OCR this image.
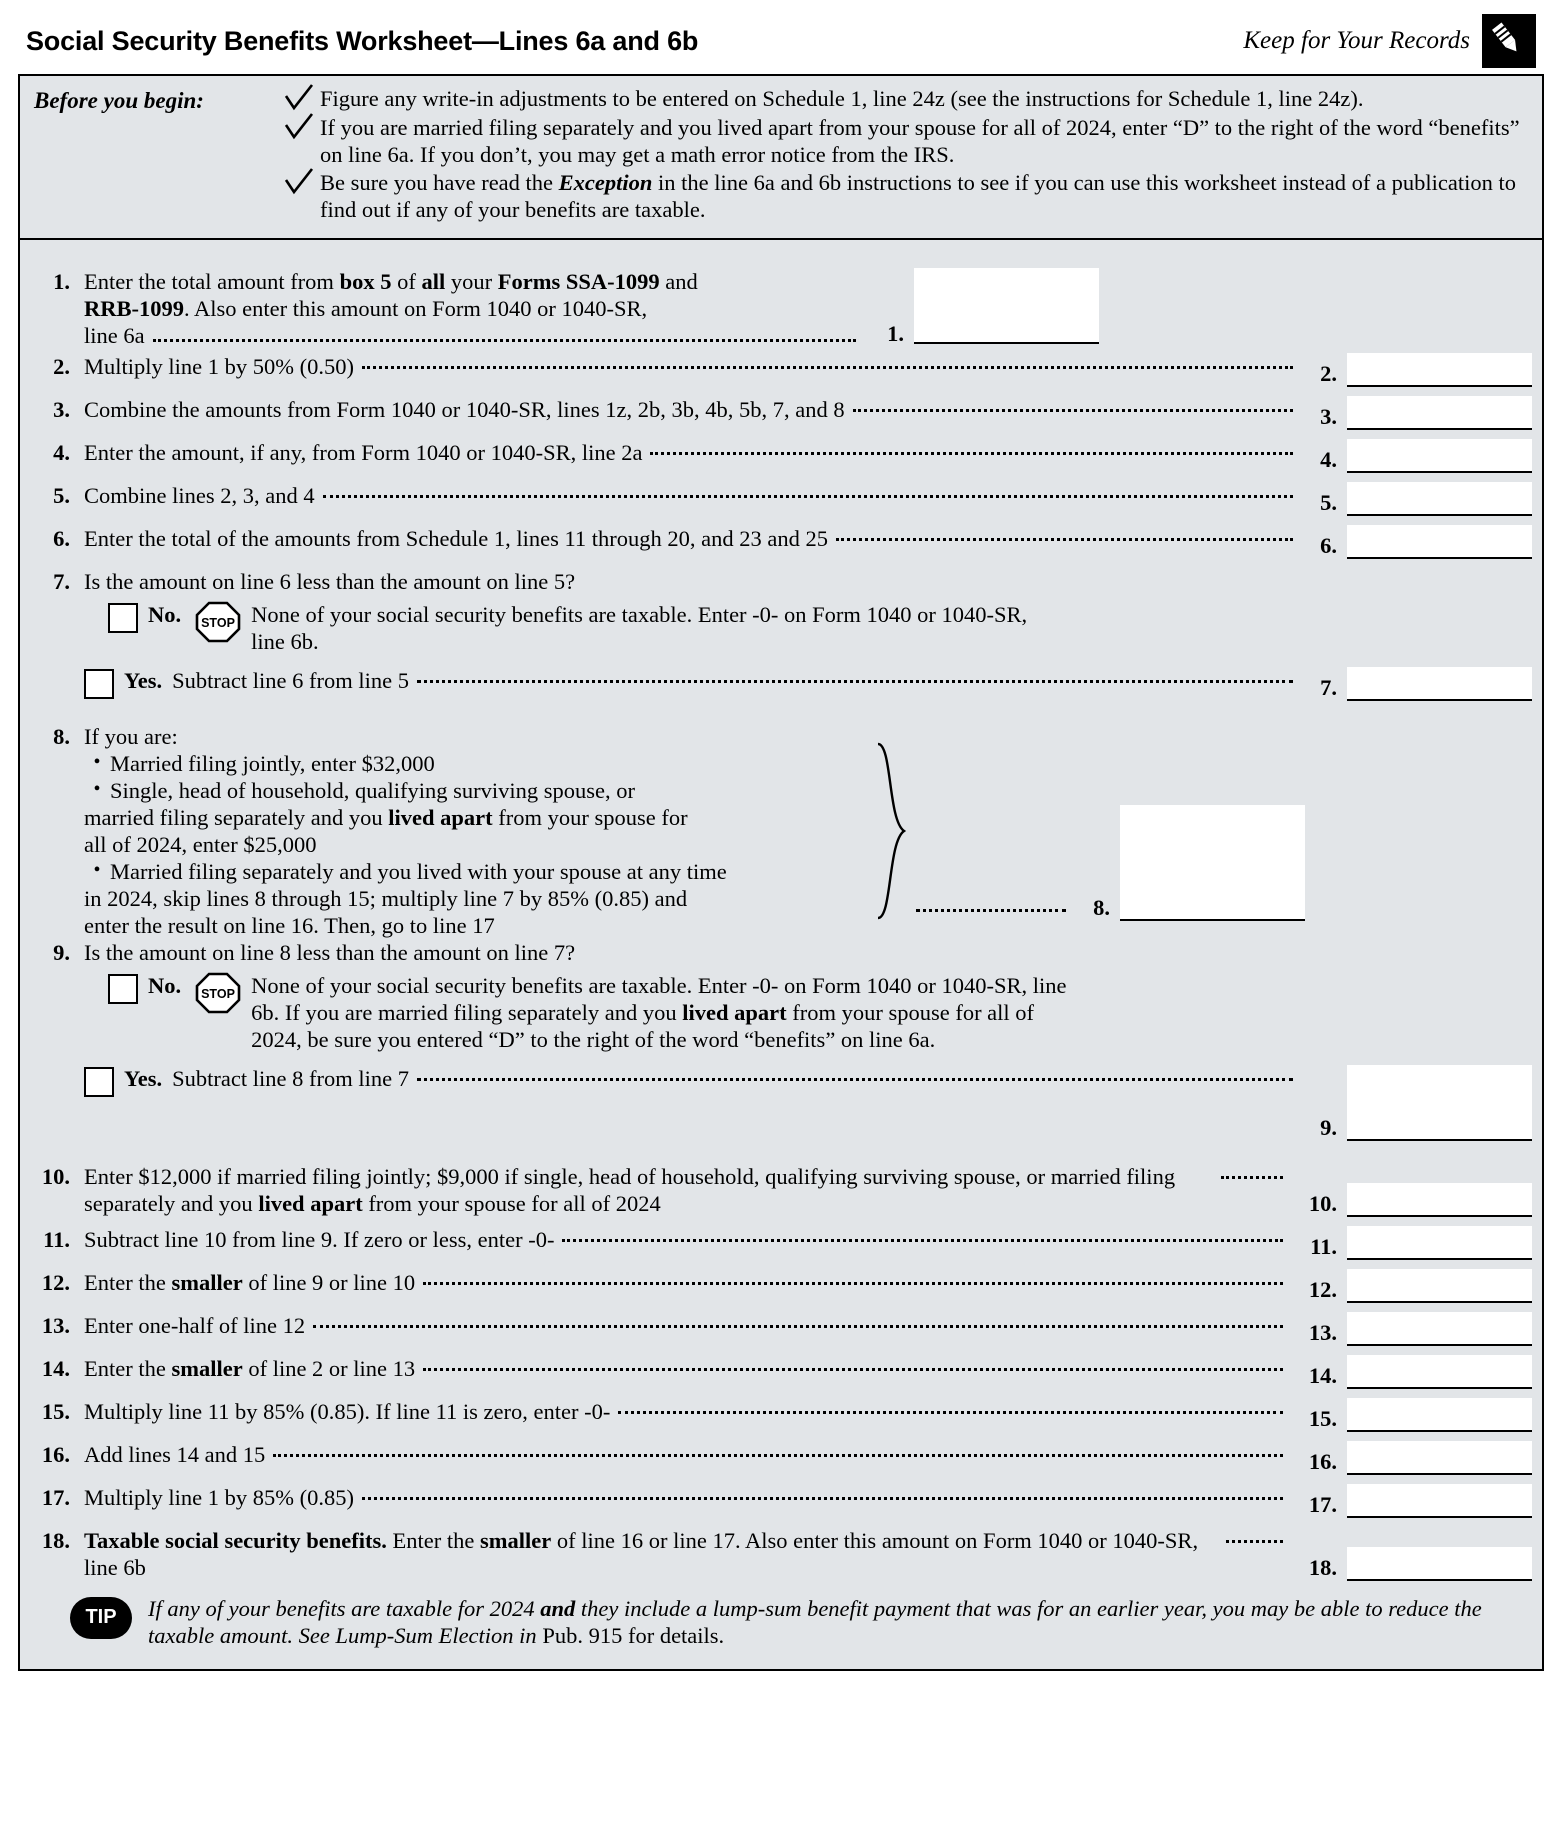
Social Security Benefits Worksheet—Lines 6a and 6b	Keep for Your Records
Before you begin:	Figure any write-in adjustments to be entered on Schedule 1, line 24z (see the instructions for Schedule 1, line 24z).
If you are married filing separately and you lived apart from your spouse for all of 2024, enter “D” to the right of the word “benefits” on line 6a. If you don’t, you may get a math error notice from the IRS.
Be sure you have read the Exception in the line 6a and 6b instructions to see if you can use this worksheet instead of a publication to find out if any of your benefits are taxable.
1. Enter the total amount from box 5 of all your Forms SSA-1099 and
RRB-1099. Also enter this amount on Form 1040 or 1040-SR,

line 6a	1.
2. Multiply line 1 by 50% (0.50)	2.
3. Combine the amounts from Form 1040 or 1040-SR, lines 1z, 2b, 3b, 4b, 5b, 7, and 8	3.
4. Enter the amount, if any, from Form 1040 or 1040-SR, line 2a	4.
5. Combine lines 2, 3, and 4	5.
6. Enter the total of the amounts from Schedule 1, lines 11 through 20, and 23 and 25	6.
7. Is the amount on line 6 less than the amount on line 5?
No. STOP None of your social security benefits are taxable. Enter -0- on Form 1040 or 1040-SR, line 6b.
Yes. Subtract line 6 from line 5	7.
8. If you are:
• Married filing jointly, enter $32,000
• Single, head of household, qualifying surviving spouse, or
married filing separately and you lived apart from your spouse for
all of 2024, enter $25,000
• Married filing separately and you lived with your spouse at any time
in 2024, skip lines 8 through 15; multiply line 7 by 85% (0.85) and
enter the result on line 16. Then, go to line 17
8.
9. Is the amount on line 8 less than the amount on line 7?
No. STOP None of your social security benefits are taxable. Enter -0- on Form 1040 or 1040-SR, line 6b. If you are married filing separately and you lived apart from your spouse for all of 2024, be sure you entered “D” to the right of the word “benefits” on line 6a.
Yes. Subtract line 8 from line 7
9.
10. Enter $12,000 if married filing jointly; $9,000 if single, head of household, qualifying surviving spouse, or married filing separately and you lived apart from your spouse for all of 2024	10.
11. Subtract line 10 from line 9. If zero or less, enter -0-	11.
12. Enter the smaller of line 9 or line 10	12.
13. Enter one-half of line 12	13.
14. Enter the smaller of line 2 or line 13	14.
15. Multiply line 11 by 85% (0.85). If line 11 is zero, enter -0-	15.
16. Add lines 14 and 15	16.
17. Multiply line 1 by 85% (0.85)	17.
18. Taxable social security benefits. Enter the smaller of line 16 or line 17. Also enter this amount on Form 1040 or 1040-SR, line 6b	18.
TIP	If any of your benefits are taxable for 2024 and they include a lump-sum benefit payment that was for an earlier year, you may be able to reduce the taxable amount. See Lump-Sum Election in Pub. 915 for details.
